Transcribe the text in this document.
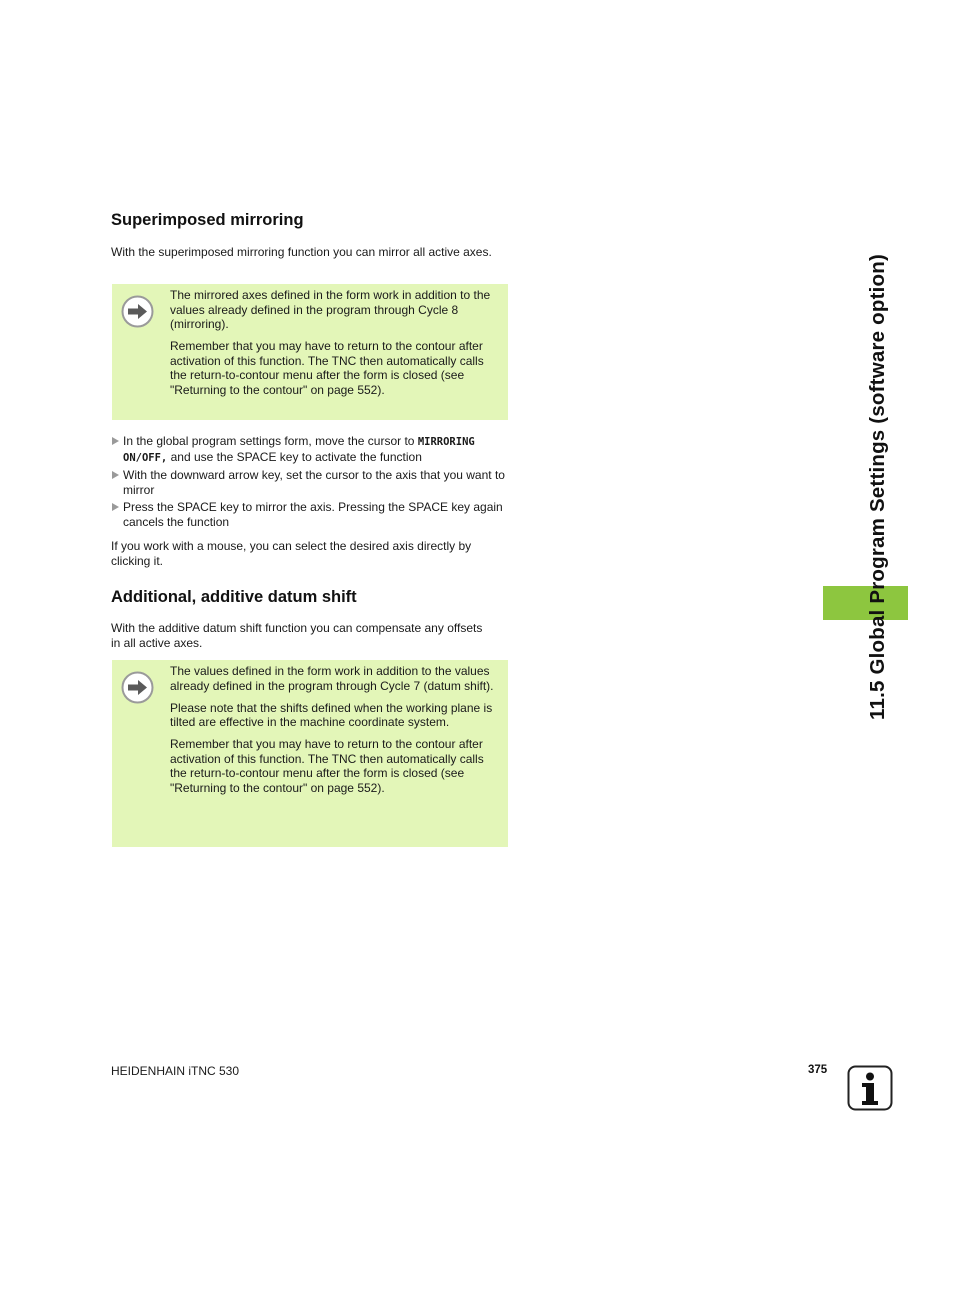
Superimposed mirroring

With the superimposed mirroring function you can mirror all active axes.

The mirrored axes defined in the form work in addition to the values already defined in the program through Cycle 8 (mirroring).

Remember that you may have to return to the contour after activation of this function. The TNC then automatically calls the return-to-contour menu after the form is closed (see "Returning to the contour" on page 552).

In the global program settings form, move the cursor to MIRRORING ON/OFF, and use the SPACE key to activate the function
With the downward arrow key, set the cursor to the axis that you want to mirror
Press the SPACE key to mirror the axis. Pressing the SPACE key again cancels the function

If you work with a mouse, you can select the desired axis directly by clicking it.

Additional, additive datum shift

With the additive datum shift function you can compensate any offsets in all active axes.

The values defined in the form work in addition to the values already defined in the program through Cycle 7 (datum shift).

Please note that the shifts defined when the working plane is tilted are effective in the machine coordinate system.

Remember that you may have to return to the contour after activation of this function. The TNC then automatically calls the return-to-contour menu after the form is closed (see "Returning to the contour" on page 552).

11.5 Global Program Settings (software option)
HEIDENHAIN iTNC 530	375
